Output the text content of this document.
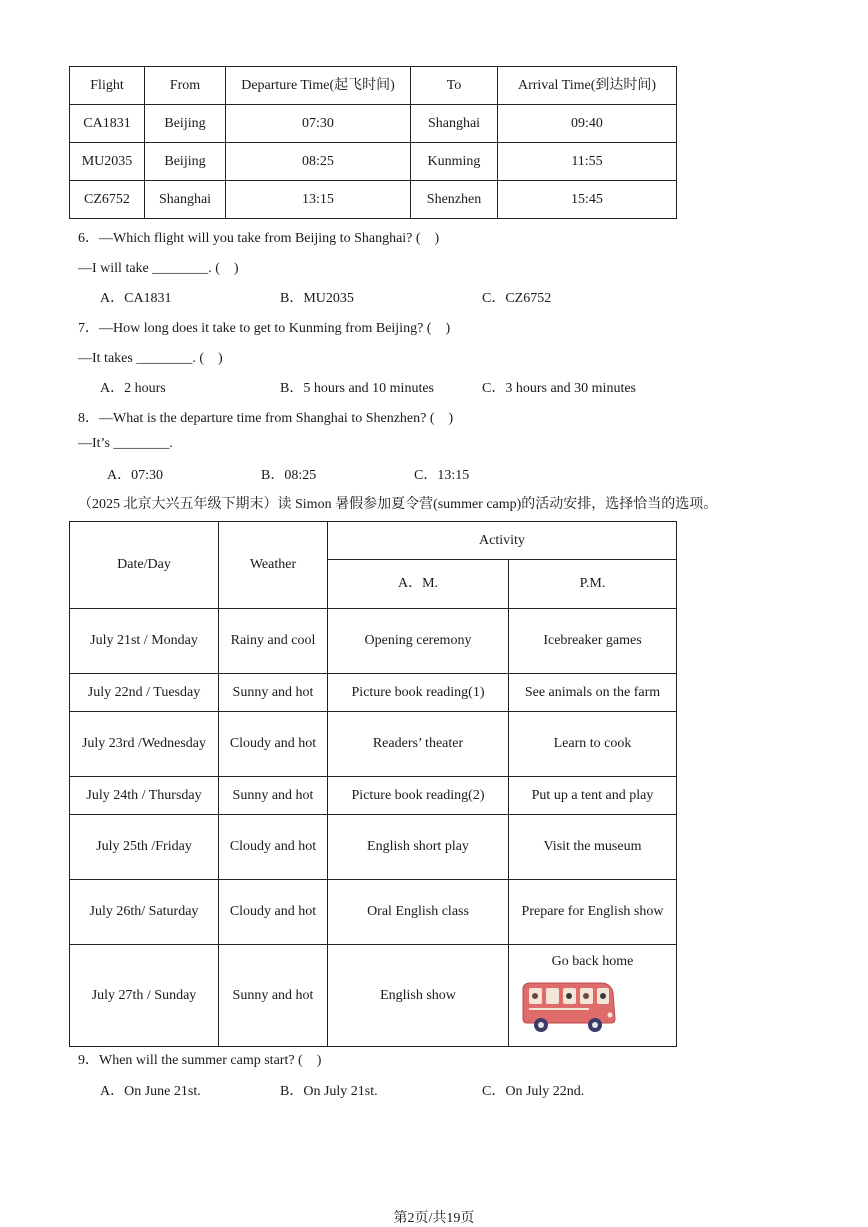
Flight	From	Departure Time(起飞时间)	To	Arrival Time(到达时间)
CA1831	Beijing	07:30	Shanghai	09:40
MU2035	Beijing	08:25	Kunming	11:55
CZ6752	Shanghai	13:15	Shenzhen	15:45
6．—Which flight will you take from Beijing to Shanghai? (　)
—I will take ________. (　)
A．CA1831	B．MU2035	C．CZ6752
7．—How long does it take to get to Kunming from Beijing? (　)
—It takes ________. (　)
A．2 hours	B．5 hours and 10 minutes	C．3 hours and 30 minutes
8．—What is the departure time from Shanghai to Shenzhen? (　)
—It’s ________.
A．07:30	B．08:25	C．13:15
（2025 北京大兴五年级下期末）读 Simon 暑假参加夏令营(summer camp)的活动安排，选择恰当的选项。
Date/Day	Weather	Activity	
		A．M.	P.M.
July 21st / Monday	Rainy and cool	Opening ceremony	Icebreaker games
July 22nd / Tuesday	Sunny and hot	Picture book reading(1)	See animals on the farm
July 23rd /Wednesday	Cloudy and hot	Readers’ theater	Learn to cook
July 24th / Thursday	Sunny and hot	Picture book reading(2)	Put up a tent and play
July 25th /Friday	Cloudy and hot	English short play	Visit the museum
July 26th/ Saturday	Cloudy and hot	Oral English class	Prepare for English show
July 27th / Sunday	Sunny and hot	English show	Go back home
9．When will the summer camp start? (　)
A．On June 21st.	B．On July 21st.	C．On July 22nd.
第2页/共19页
